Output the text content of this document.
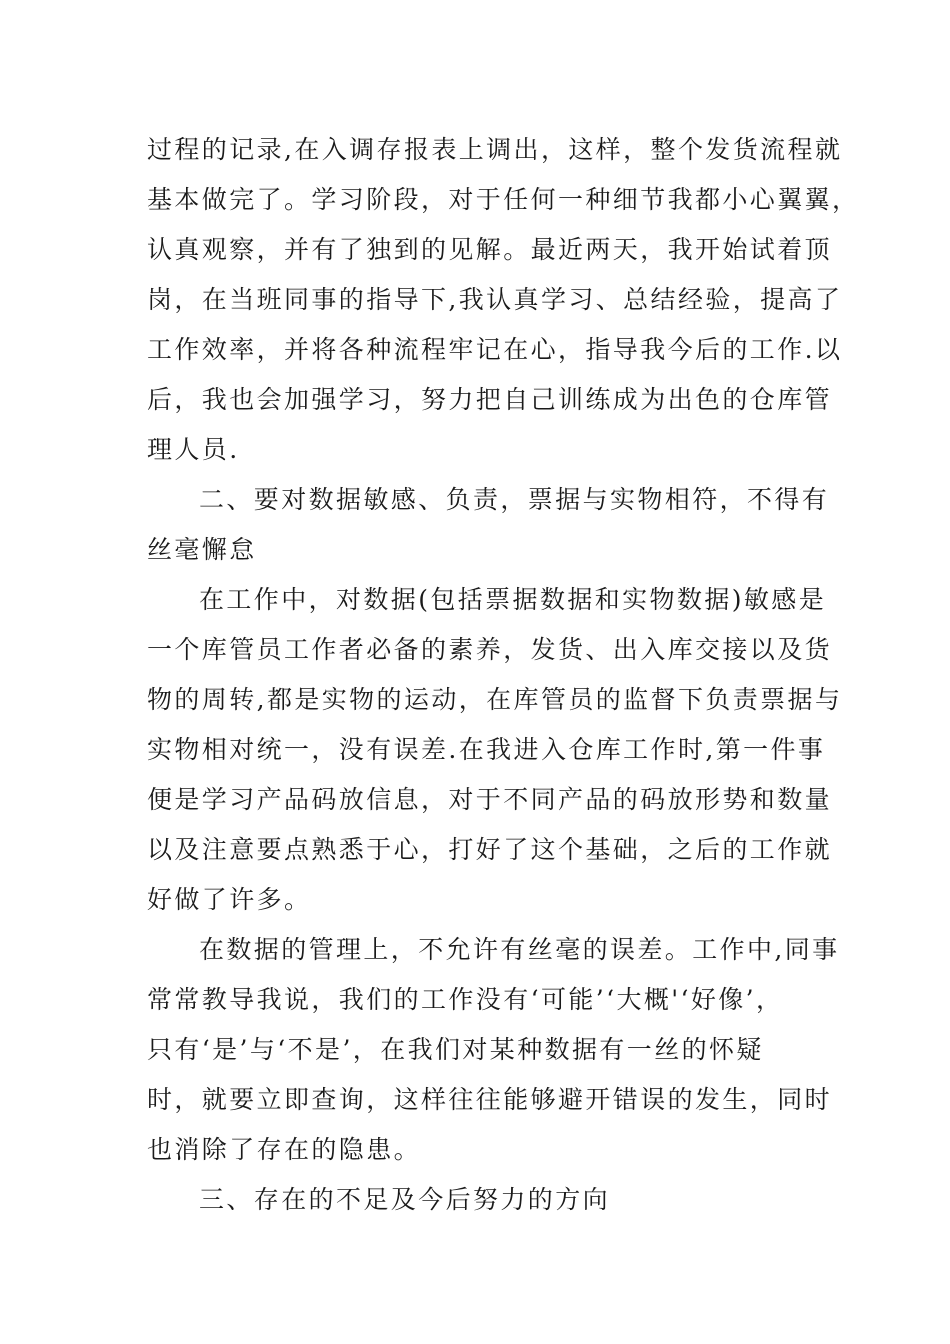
过程的记录,在入调存报表上调出，这样，整个发货流程就
基本做完了。学习阶段，对于任何一种细节我都小心翼翼，
认真观察，并有了独到的见解。最近两天，我开始试着顶
岗，在当班同事的指导下,我认真学习、总结经验，提高了
工作效率，并将各种流程牢记在心，指导我今后的工作.以
后，我也会加强学习，努力把自己训练成为出色的仓库管
理人员.
二、要对数据敏感、负责，票据与实物相符，不得有
丝毫懈怠
在工作中，对数据(包括票据数据和实物数据)敏感是
一个库管员工作者必备的素养，发货、出入库交接以及货
物的周转,都是实物的运动，在库管员的监督下负责票据与
实物相对统一，没有误差.在我进入仓库工作时,第一件事
便是学习产品码放信息，对于不同产品的码放形势和数量
以及注意要点熟悉于心，打好了这个基础，之后的工作就
好做了许多。
在数据的管理上，不允许有丝毫的误差。工作中,同事
常常教导我说，我们的工作没有‘可能’‘大概'‘好像’，
只有‘是’与‘不是’，在我们对某种数据有一丝的怀疑
时，就要立即查询，这样往往能够避开错误的发生，同时
也消除了存在的隐患。
三、存在的不足及今后努力的方向
